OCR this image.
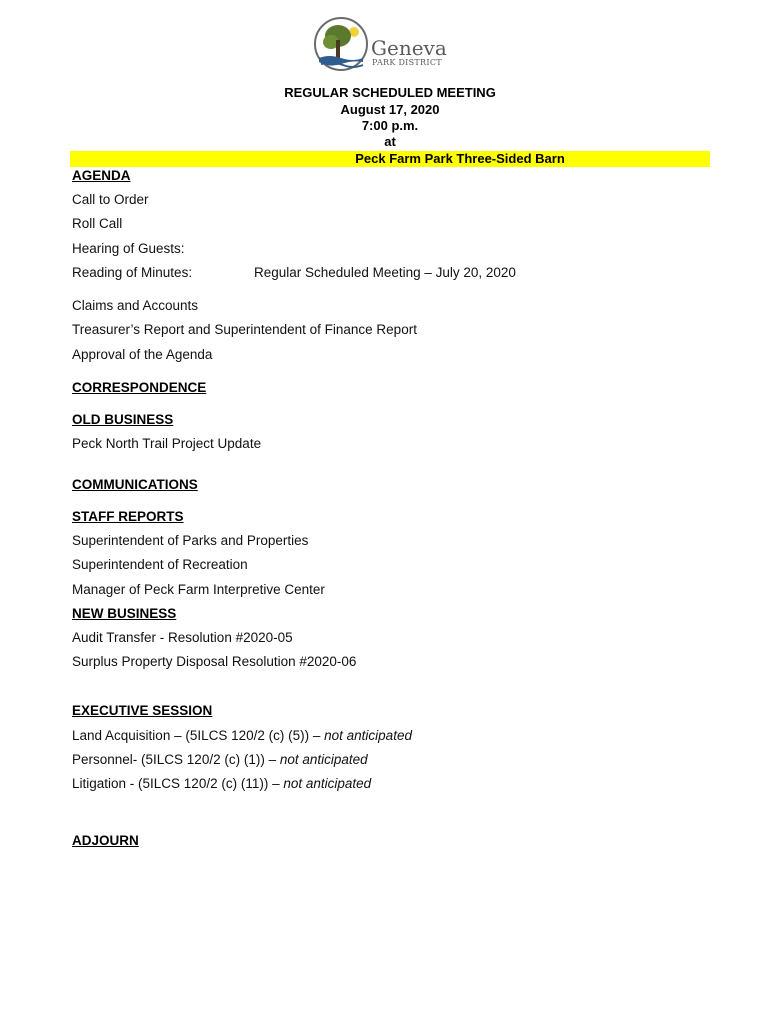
Geneva
PARK DISTRICT
REGULAR SCHEDULED MEETING
August 17, 2020
7:00 p.m.
at
Peck Farm Park Three-Sided Barn
AGENDA
Call to Order
Roll Call
Hearing of Guests:
Reading of Minutes:	Regular Scheduled Meeting – July 20, 2020
Claims and Accounts
Treasurer’s Report and Superintendent of Finance Report
Approval of the Agenda
CORRESPONDENCE
OLD BUSINESS
Peck North Trail Project Update
COMMUNICATIONS
STAFF REPORTS
Superintendent of Parks and Properties
Superintendent of Recreation
Manager of Peck Farm Interpretive Center
NEW BUSINESS
Audit Transfer - Resolution #2020-05
Surplus Property Disposal Resolution #2020-06
EXECUTIVE SESSION
Land Acquisition – (5ILCS 120/2 (c) (5)) – not anticipated
Personnel- (5ILCS 120/2 (c) (1)) – not anticipated
Litigation - (5ILCS 120/2 (c) (11)) – not anticipated
ADJOURN
